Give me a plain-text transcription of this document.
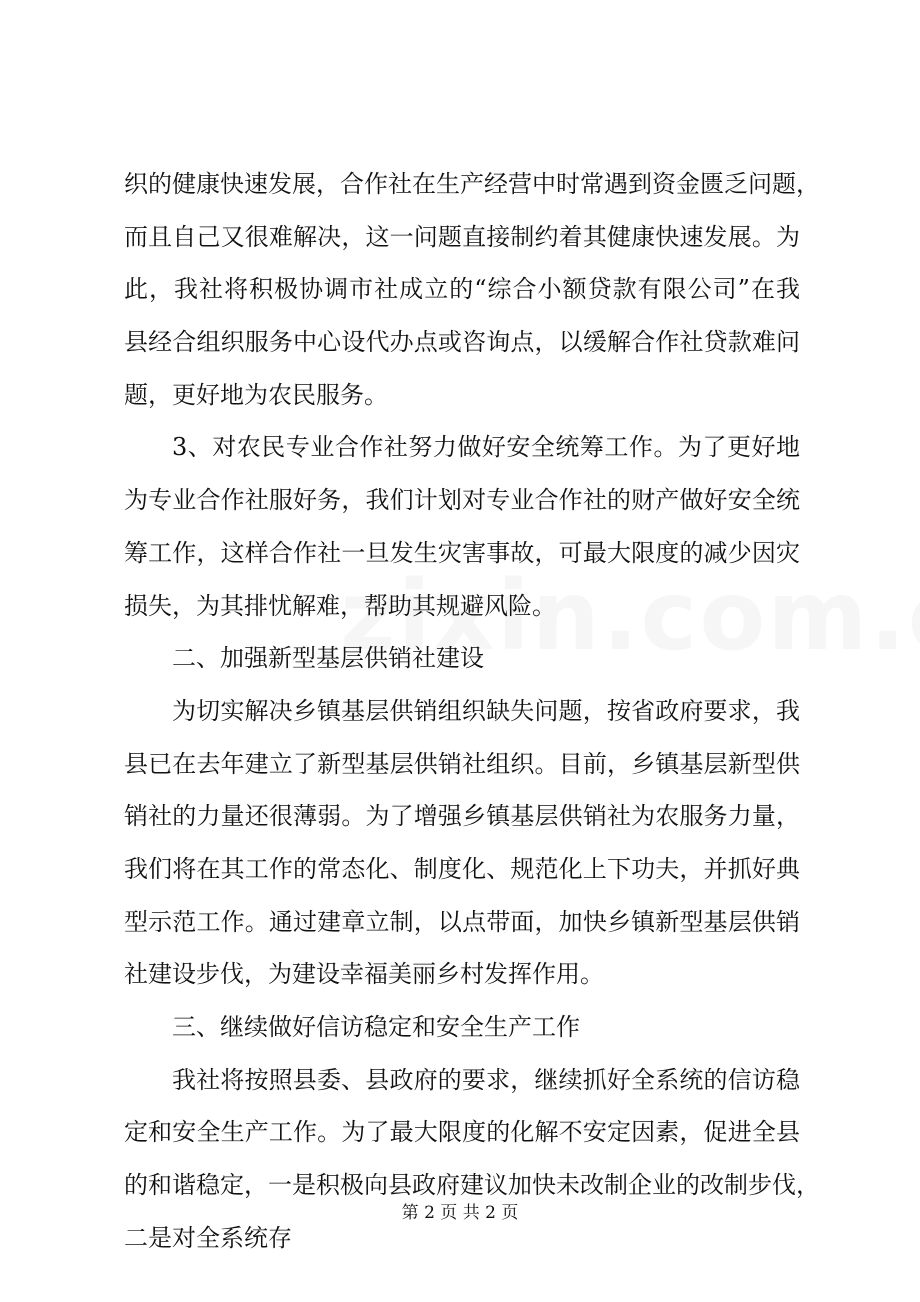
织的健康快速发展，合作社在生产经营中时常遇到资金匮乏问题，
而且自己又很难解决，这一问题直接制约着其健康快速发展。为
此，我社将积极协调市社成立的“综合小额贷款有限公司”在我
县经合组织服务中心设代办点或咨询点，以缓解合作社贷款难问
题，更好地为农民服务。
3、对农民专业合作社努力做好安全统筹工作。为了更好地
为专业合作社服好务，我们计划对专业合作社的财产做好安全统
筹工作，这样合作社一旦发生灾害事故，可最大限度的减少因灾
损失，为其排忧解难，帮助其规避风险。
二、加强新型基层供销社建设
为切实解决乡镇基层供销组织缺失问题，按省政府要求，我
县已在去年建立了新型基层供销社组织。目前，乡镇基层新型供
销社的力量还很薄弱。为了增强乡镇基层供销社为农服务力量，
我们将在其工作的常态化、制度化、规范化上下功夫，并抓好典
型示范工作。通过建章立制，以点带面，加快乡镇新型基层供销
社建设步伐，为建设幸福美丽乡村发挥作用。
三、继续做好信访稳定和安全生产工作
我社将按照县委、县政府的要求，继续抓好全系统的信访稳
定和安全生产工作。为了最大限度的化解不安定因素，促进全县
的和谐稳定，一是积极向县政府建议加快未改制企业的改制步伐，
二是对全系统存
第 2 页 共 2 页
